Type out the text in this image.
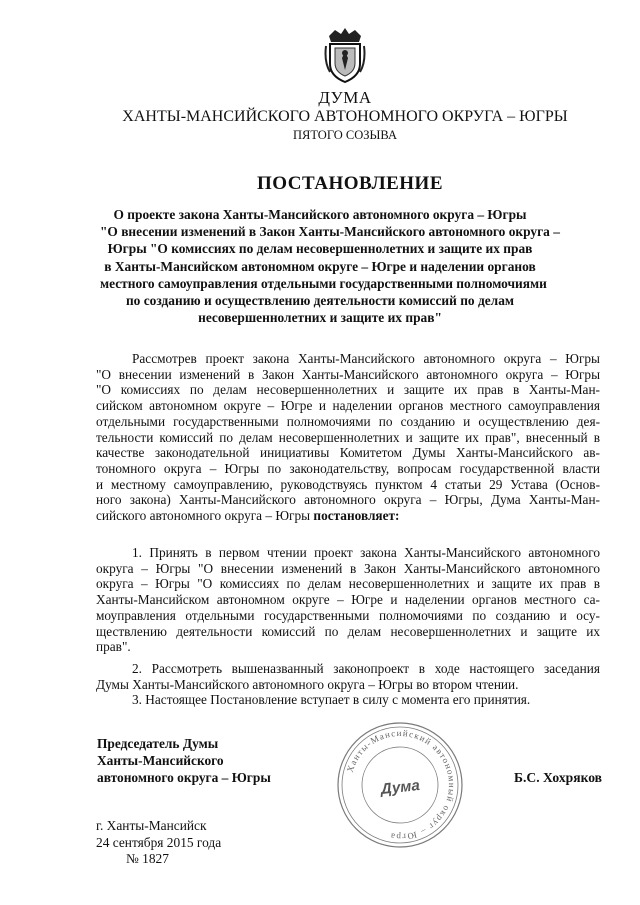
ДУМА
ХАНТЫ-МАНСИЙСКОГО АВТОНОМНОГО ОКРУГА – ЮГРЫ
ПЯТОГО СОЗЫВА
ПОСТАНОВЛЕНИЕ
О проекте закона Ханты-Мансийского автономного округа – Югры
"О внесении изменений в Закон Ханты-Мансийского автономного округа –
Югры "О комиссиях по делам несовершеннолетних и защите их прав
в Ханты-Мансийском автономном округе – Югре и наделении органов
местного самоуправления отдельными государственными полномочиями
по созданию и осуществлению деятельности комиссий по делам
несовершеннолетних и защите их прав"
Рассмотрев проект закона Ханты-Мансийского автономного округа – Югры
"О внесении изменений в Закон Ханты-Мансийского автономного округа – Югры
"О комиссиях по делам несовершеннолетних и защите их прав в Ханты-Ман-
сийском автономном округе – Югре и наделении органов местного самоуправления
отдельными государственными полномочиями по созданию и осуществлению дея-
тельности комиссий по делам несовершеннолетних и защите их прав", внесенный в
качестве законодательной инициативы Комитетом Думы Ханты-Мансийского ав-
тономного округа – Югры по законодательству, вопросам государственной власти
и местному самоуправлению, руководствуясь пунктом 4 статьи 29 Устава (Основ-
ного закона) Ханты-Мансийского автономного округа – Югры, Дума Ханты-Ман-
сийского автономного округа – Югры постановляет:
1. Принять в первом чтении проект закона Ханты-Мансийского автономного
округа – Югры "О внесении изменений в Закон Ханты-Мансийского автономного
округа – Югры "О комиссиях по делам несовершеннолетних и защите их прав в
Ханты-Мансийском автономном округе – Югре и наделении органов местного са-
моуправления отдельными государственными полномочиями по созданию и осу-
ществлению деятельности комиссий по делам несовершеннолетних и защите их
прав".
2. Рассмотреть вышеназванный законопроект в ходе настоящего заседания
Думы Ханты-Мансийского автономного округа – Югры во втором чтении.
3. Настоящее Постановление вступает в силу с момента его принятия.
Председатель Думы
Ханты-Мансийского
автономного округа – Югры
Ханты-Мансийский автономный округ – Югра
Дума	Б.С. Хохряков
г. Ханты-Мансийск
24 сентября 2015 года
№ 1827
